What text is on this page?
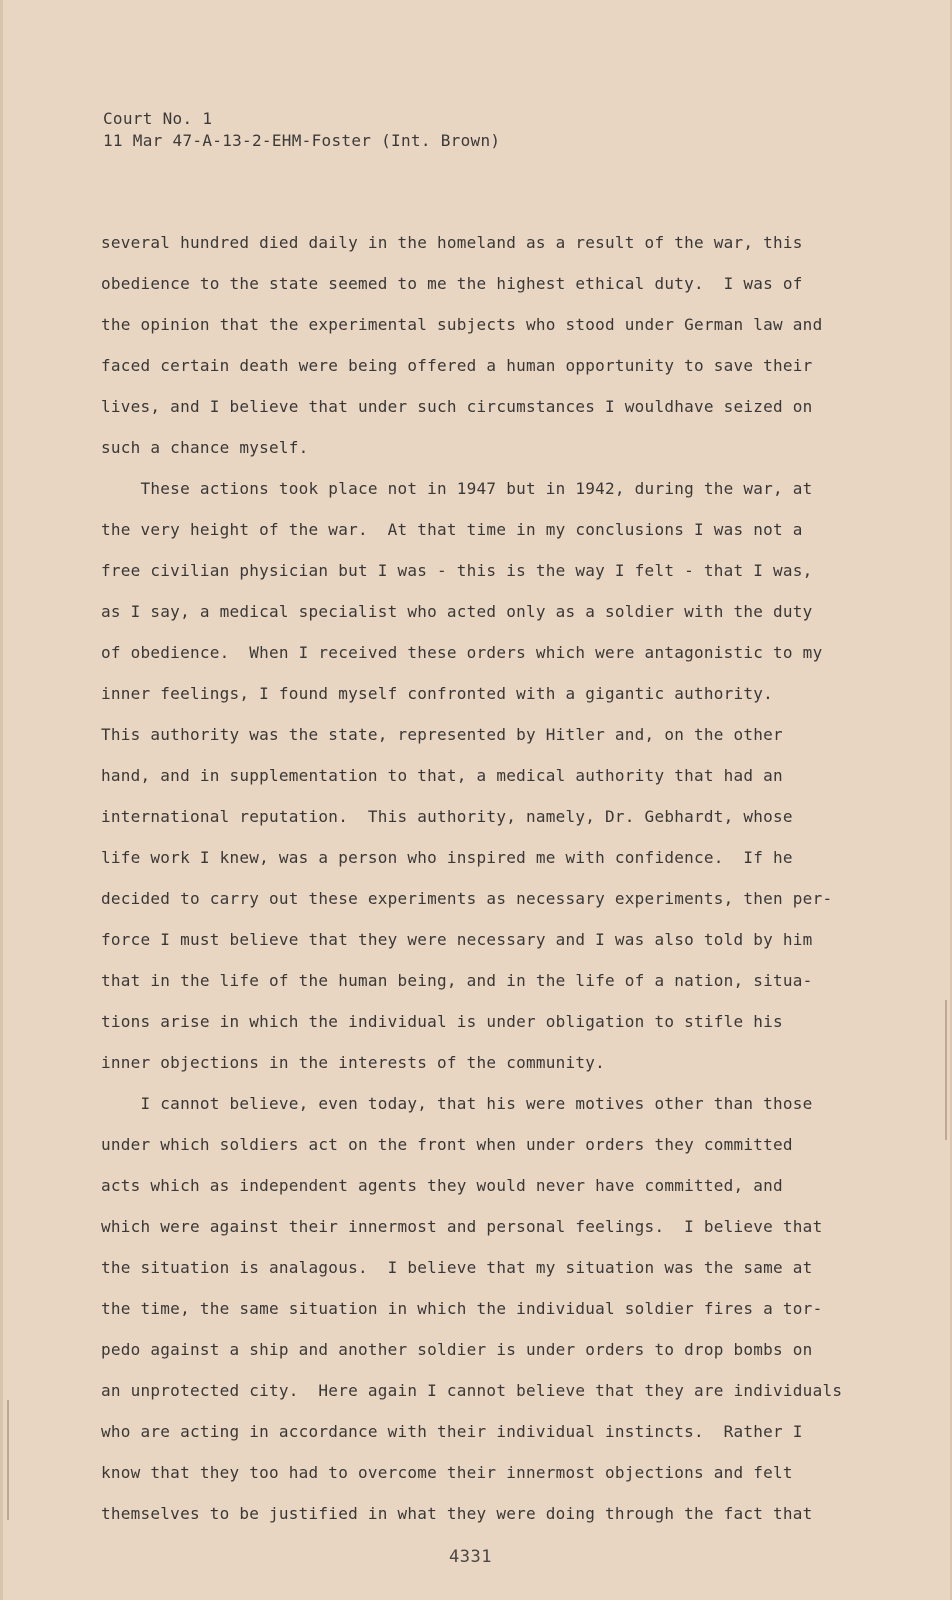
Court No. 1
11 Mar 47-A-13-2-EHM-Foster (Int. Brown)
several hundred died daily in the homeland as a result of the war, this
obedience to the state seemed to me the highest ethical duty.  I was of
the opinion that the experimental subjects who stood under German law and
faced certain death were being offered a human opportunity to save their
lives, and I believe that under such circumstances I wouldhave seized on
such a chance myself.
These actions took place not in 1947 but in 1942, during the war, at
the very height of the war.  At that time in my conclusions I was not a
free civilian physician but I was - this is the way I felt - that I was,
as I say, a medical specialist who acted only as a soldier with the duty
of obedience.  When I received these orders which were antagonistic to my
inner feelings, I found myself confronted with a gigantic authority.
This authority was the state, represented by Hitler and, on the other
hand, and in supplementation to that, a medical authority that had an
international reputation.  This authority, namely, Dr. Gebhardt, whose
life work I knew, was a person who inspired me with confidence.  If he
decided to carry out these experiments as necessary experiments, then per-
force I must believe that they were necessary and I was also told by him
that in the life of the human being, and in the life of a nation, situa-
tions arise in which the individual is under obligation to stifle his
inner objections in the interests of the community.
I cannot believe, even today, that his were motives other than those
under which soldiers act on the front when under orders they committed
acts which as independent agents they would never have committed, and
which were against their innermost and personal feelings.  I believe that
the situation is analagous.  I believe that my situation was the same at
the time, the same situation in which the individual soldier fires a tor-
pedo against a ship and another soldier is under orders to drop bombs on
an unprotected city.  Here again I cannot believe that they are individuals
who are acting in accordance with their individual instincts.  Rather I
know that they too had to overcome their innermost objections and felt
themselves to be justified in what they were doing through the fact that
4331
